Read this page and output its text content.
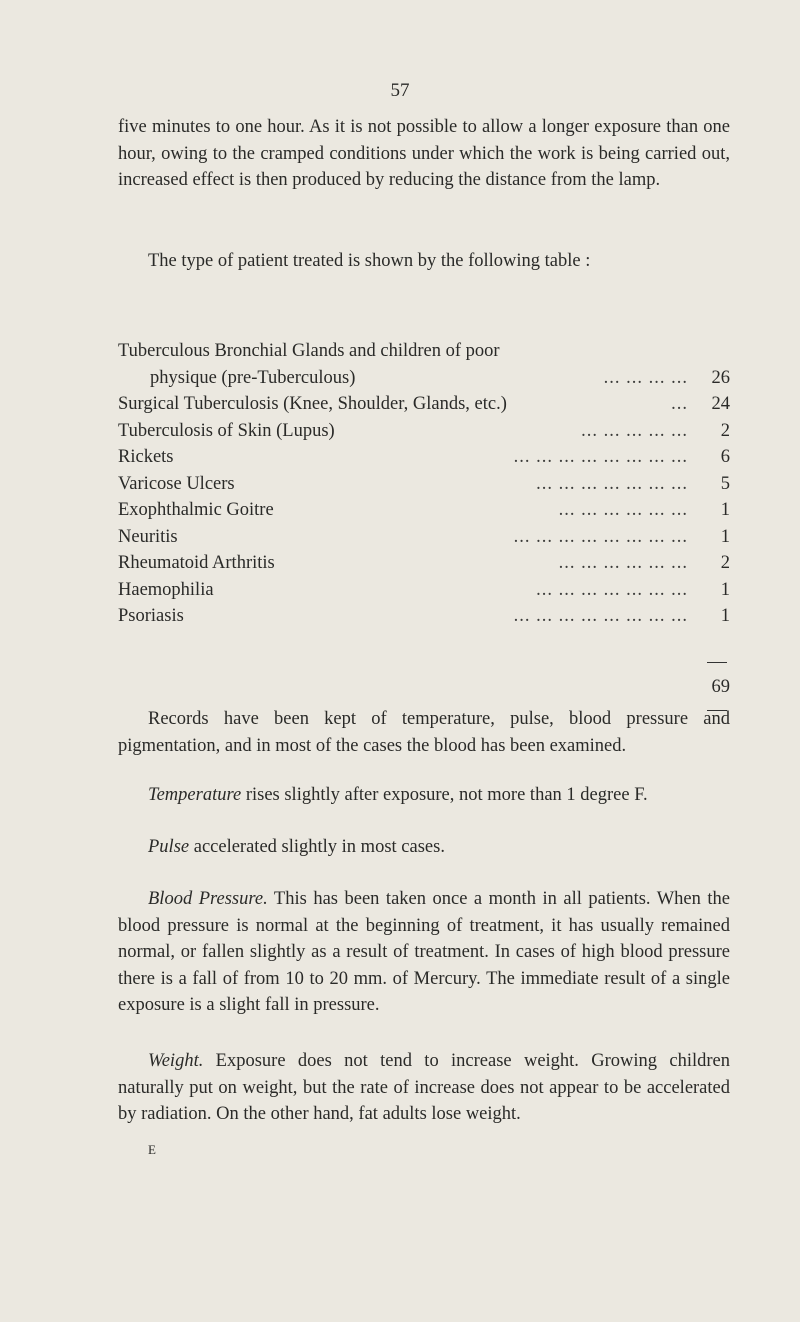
57

five minutes to one hour. As it is not possible to allow a longer exposure than one hour, owing to the cramped conditions under which the work is being carried out, increased effect is then produced by reducing the distance from the lamp.

The type of patient treated is shown by the following table :

Tuberculous Bronchial Glands and children of poor
physique (pre-Tuberculous)	... ... ... ...	26
Surgical Tuberculosis (Knee, Shoulder, Glands, etc.)	...	24
Tuberculosis of Skin (Lupus)	... ... ... ... ...	2
Rickets	... ... ... ... ... ... ... ...	6
Varicose Ulcers	... ... ... ... ... ... ...	5
Exophthalmic Goitre	... ... ... ... ... ...	1
Neuritis	... ... ... ... ... ... ... ...	1
Rheumatoid Arthritis	... ... ... ... ... ...	2
Haemophilia	... ... ... ... ... ... ...	1
Psoriasis	... ... ... ... ... ... ... ...	1
69

Records have been kept of temperature, pulse, blood pressure and pigmentation, and in most of the cases the blood has been examined.

Temperature rises slightly after exposure, not more than 1 degree F.

Pulse accelerated slightly in most cases.

Blood Pressure. This has been taken once a month in all patients. When the blood pressure is normal at the beginning of treatment, it has usually remained normal, or fallen slightly as a result of treatment. In cases of high blood pressure there is a fall of from 10 to 20 mm. of Mercury. The immediate result of a single exposure is a slight fall in pressure.

Weight. Exposure does not tend to increase weight. Growing children naturally put on weight, but the rate of increase does not appear to be accelerated by radiation. On the other hand, fat adults lose weight.

E
